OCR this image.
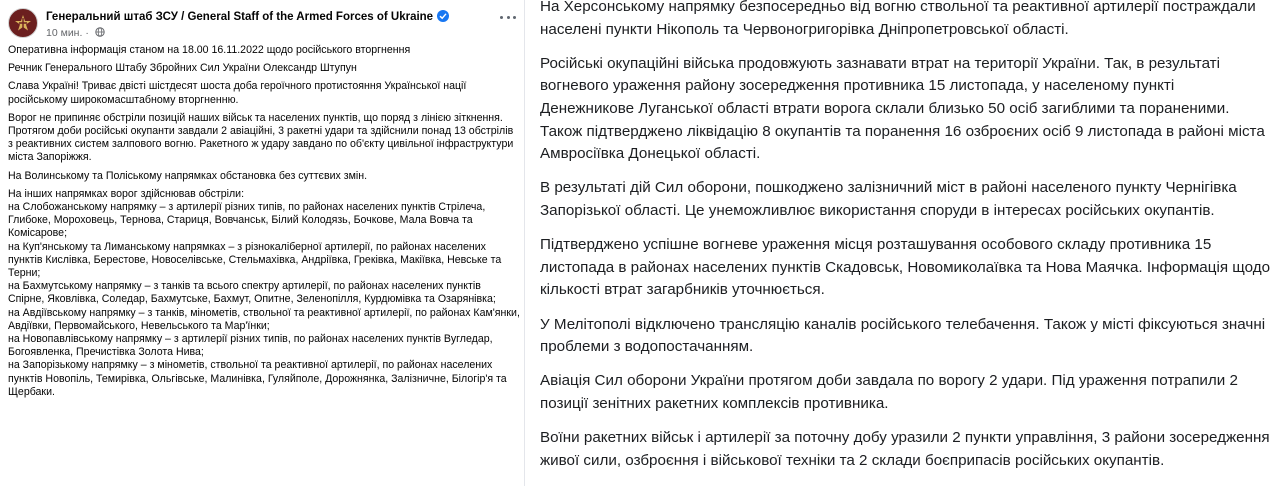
Генеральний штаб ЗСУ / General Staff of the Armed Forces of Ukraine
10 мин. ·

Оперативна інформація станом на 18.00 16.11.2022 щодо російського вторгнення

Речник Генерального Штабу Збройних Сил України Олександр Штупун

Слава Україні! Триває двісті шістдесят шоста доба героїчного протистояння Української нації російському широкомасштабному вторгненню.

Ворог не припиняє обстріли позицій наших військ та населених пунктів, що поряд з лінією зіткнення. Протягом доби російські окупанти завдали 2 авіаційні, 3 ракетні удари та здійснили понад 13 обстрілів з реактивних систем залпового вогню. Ракетного ж удару завдано по об'єкту цивільної інфраструктури міста Запоріжжя.

На Волинському та Поліському напрямках обстановка без суттєвих змін.

На інших напрямках ворог здійснював обстріли:

на Слобожанському напрямку – з артилерії різних типів, по районах населених пунктів Стрілеча, Глибоке, Мороховець, Тернова, Стариця, Вовчанськ, Білий Колодязь, Бочкове, Мала Вовча та Комісарове;

на Куп'янському та Лиманському напрямках – з різнокаліберної артилерії, по районах населених пунктів Кислівка, Берестове, Новоселівське, Стельмахівка, Андріївка, Греківка, Макіївка, Невське та Терни;

на Бахмутському напрямку – з танків та всього спектру артилерії, по районах населених пунктів Спірне, Яковлівка, Соледар, Бахмутське, Бахмут, Опитне, Зеленопілля, Курдюмівка та Озарянівка;

на Авдіївському напрямку – з танків, мінометів, ствольної та реактивної артилерії, по районах Кам'янки, Авдіївки, Первомайського, Невельського та Мар'їнки;

на Новопавлівському напрямку – з артилерії різних типів, по районах населених пунктів Вугледар, Богоявленка, Пречистівка Золота Нива;

на Запорізькому напрямку – з мінометів, ствольної та реактивної артилерії, по районах населених пунктів Новопіль, Темирівка, Ольгівське, Малинівка, Гуляйполе, Дорожнянка, Залізничне, Білогір'я та Щербаки.

На Херсонському напрямку безпосередньо від вогню ствольної та реактивної артилерії постраждали населені пункти Нікополь та Червоногригорівка Дніпропетровської області.

Російські окупаційні війська продовжують зазнавати втрат на території України. Так, в результаті вогневого ураження району зосередження противника 15 листопада, у населеному пункті Денежникове Луганської області втрати ворога склали близько 50 осіб загиблими та пораненими. Також підтверджено ліквідацію 8 окупантів та поранення 16 озброєних осіб 9 листопада в районі міста Амвросіївка Донецької області.

В результаті дій Сил оборони, пошкоджено залізничний міст в районі населеного пункту Чернігівка Запорізької області. Це унеможливлює використання споруди в інтересах російських окупантів.

Підтверджено успішне вогневе ураження місця розташування особового складу противника 15 листопада в районах населених пунктів Скадовськ, Новомиколаївка та Нова Маячка. Інформація щодо кількості втрат загарбників уточнюється.

У Мелітополі відключено трансляцію каналів російського телебачення. Також у місті фіксуються значні проблеми з водопостачанням.

Авіація Сил оборони України протягом доби завдала по ворогу 2 удари. Під ураження потрапили 2 позиції зенітних ракетних комплексів противника.

Воїни ракетних військ і артилерії за поточну добу уразили 2 пункти управління, 3 райони зосередження живої сили, озброєння і військової техніки та 2 склади боєприпасів російських окупантів.
